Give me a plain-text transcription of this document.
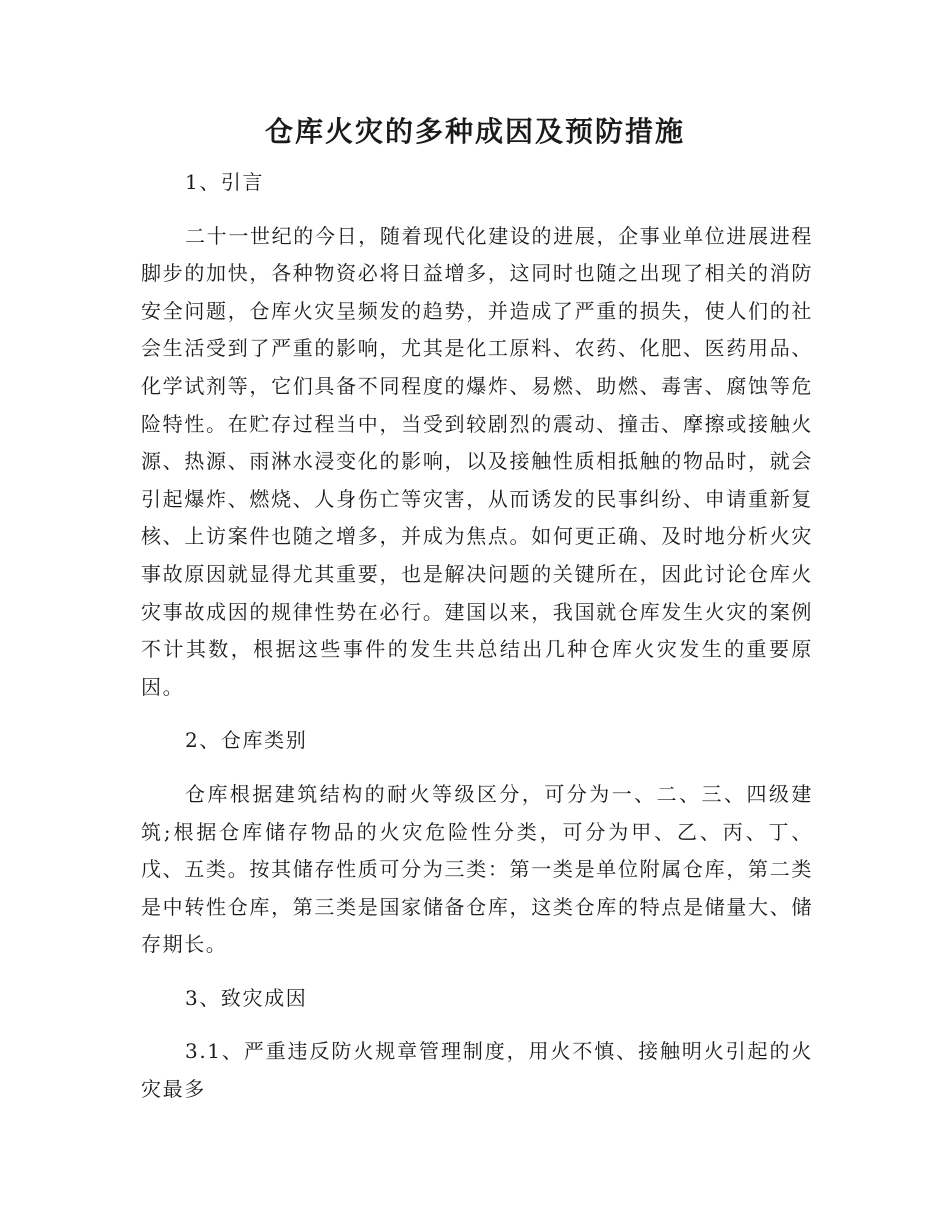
仓库火灾的多种成因及预防措施

1、引言

二十一世纪的今日，随着现代化建设的进展，企事业单位进展进程脚步的加快，各种物资必将日益增多，这同时也随之出现了相关的消防安全问题，仓库火灾呈频发的趋势，并造成了严重的损失，使人们的社会生活受到了严重的影响，尤其是化工原料、农药、化肥、医药用品、化学试剂等，它们具备不同程度的爆炸、易燃、助燃、毒害、腐蚀等危险特性。在贮存过程当中，当受到较剧烈的震动、撞击、摩擦或接触火源、热源、雨淋水浸变化的影响，以及接触性质相抵触的物品时，就会引起爆炸、燃烧、人身伤亡等灾害，从而诱发的民事纠纷、申请重新复核、上访案件也随之增多，并成为焦点。如何更正确、及时地分析火灾事故原因就显得尤其重要，也是解决问题的关键所在，因此讨论仓库火灾事故成因的规律性势在必行。建国以来，我国就仓库发生火灾的案例不计其数，根据这些事件的发生共总结出几种仓库火灾发生的重要原因。

2、仓库类别

仓库根据建筑结构的耐火等级区分，可分为一、二、三、四级建筑;根据仓库储存物品的火灾危险性分类，可分为甲、乙、丙、丁、戊、五类。按其储存性质可分为三类：第一类是单位附属仓库，第二类是中转性仓库，第三类是国家储备仓库，这类仓库的特点是储量大、储存期长。

3、致灾成因

3.1、严重违反防火规章管理制度，用火不慎、接触明火引起的火灾最多
